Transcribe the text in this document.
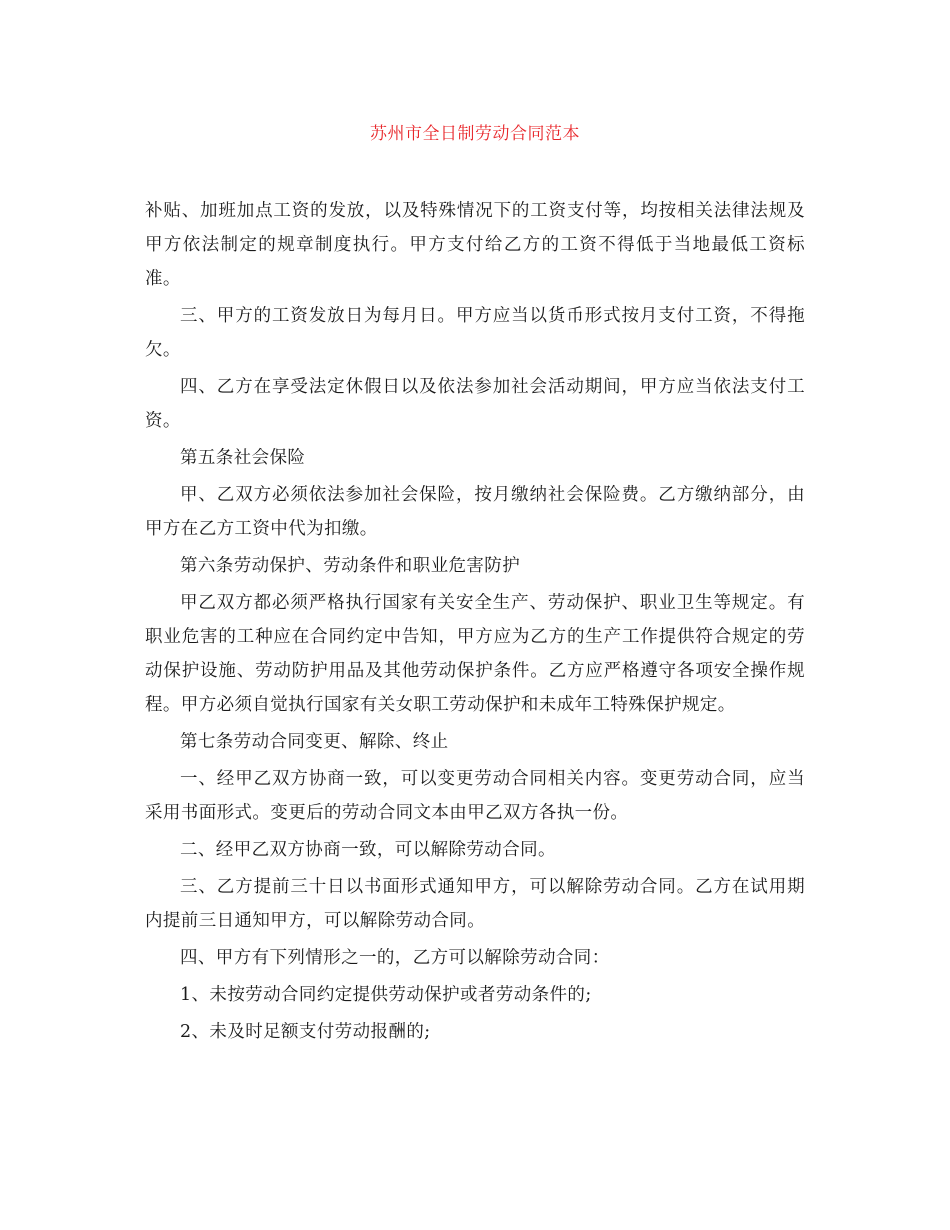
苏州市全日制劳动合同范本

补贴、加班加点工资的发放，以及特殊情况下的工资支付等，均按相关法律法规及甲方依法制定的规章制度执行。甲方支付给乙方的工资不得低于当地最低工资标准。

三、甲方的工资发放日为每月日。甲方应当以货币形式按月支付工资，不得拖欠。

四、乙方在享受法定休假日以及依法参加社会活动期间，甲方应当依法支付工资。

第五条社会保险

甲、乙双方必须依法参加社会保险，按月缴纳社会保险费。乙方缴纳部分，由甲方在乙方工资中代为扣缴。

第六条劳动保护、劳动条件和职业危害防护

甲乙双方都必须严格执行国家有关安全生产、劳动保护、职业卫生等规定。有职业危害的工种应在合同约定中告知，甲方应为乙方的生产工作提供符合规定的劳动保护设施、劳动防护用品及其他劳动保护条件。乙方应严格遵守各项安全操作规程。甲方必须自觉执行国家有关女职工劳动保护和未成年工特殊保护规定。

第七条劳动合同变更、解除、终止

一、经甲乙双方协商一致，可以变更劳动合同相关内容。变更劳动合同，应当采用书面形式。变更后的劳动合同文本由甲乙双方各执一份。

二、经甲乙双方协商一致，可以解除劳动合同。

三、乙方提前三十日以书面形式通知甲方，可以解除劳动合同。乙方在试用期内提前三日通知甲方，可以解除劳动合同。

四、甲方有下列情形之一的，乙方可以解除劳动合同：

1、未按劳动合同约定提供劳动保护或者劳动条件的;

2、未及时足额支付劳动报酬的;
